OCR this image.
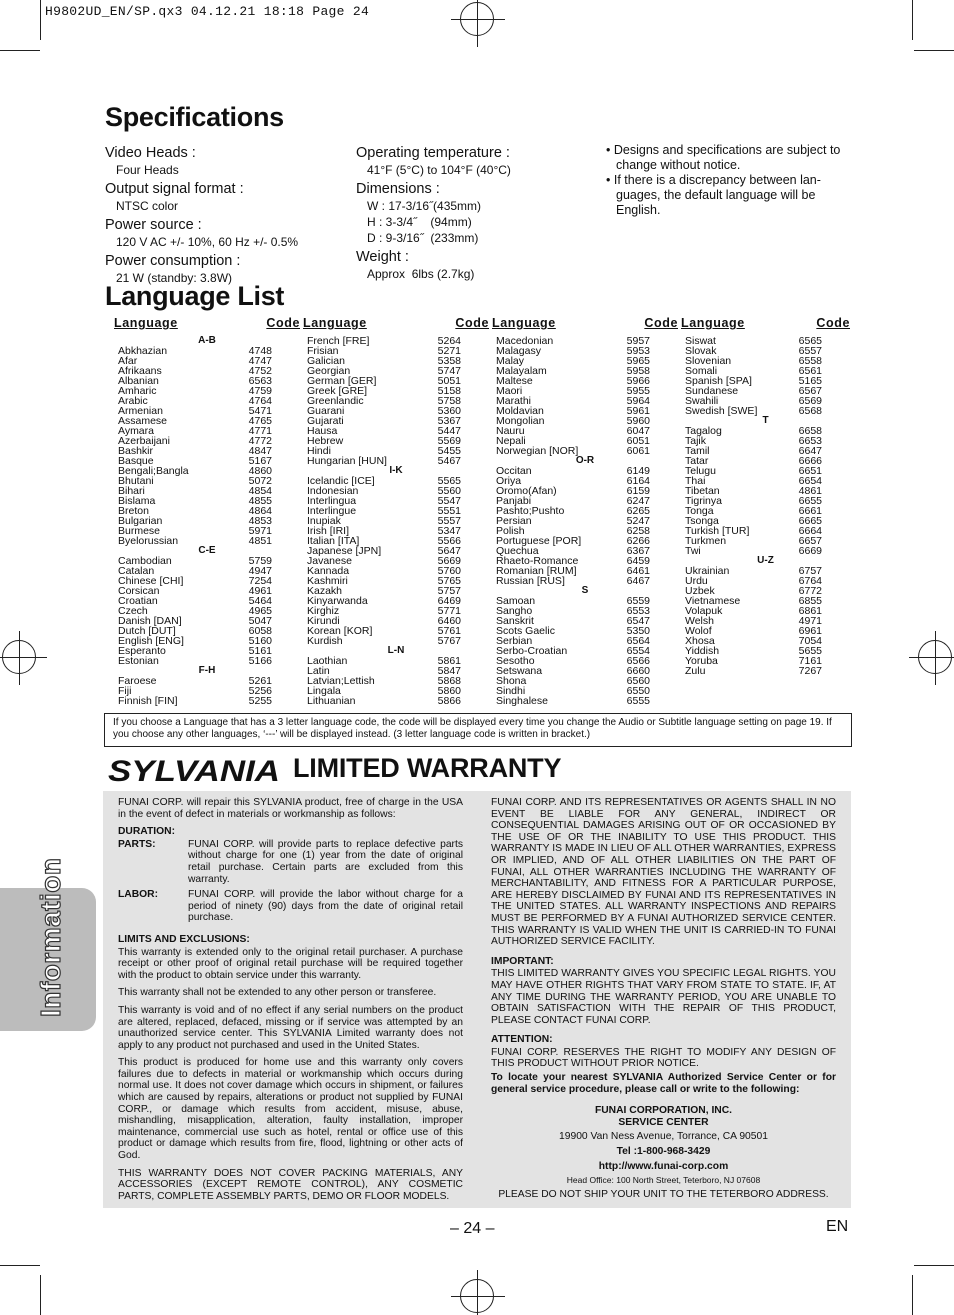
H9802UD_EN/SP.qx3 04.12.21 18:18 Page 24
Specifications
Video Heads :
Four Heads
Output signal format :
NTSC color
Power source :
120 V AC +/- 10%, 60 Hz +/- 0.5%
Power consumption :
21 W (standby: 3.8W)
Operating temperature :
41°F (5°C) to 104°F (40°C)
Dimensions :
W : 17-3/16˝(435mm)
H : 3-3/4˝    (94mm)
D : 9-3/16˝  (233mm)
Weight :
Approx  6lbs (2.7kg)
• Designs and specifications are subject to change without notice.
• If there is a discrepancy between lan-guages, the default language will be English.
Language List
Language	Code
A-B
Abkhazian	4748
Afar	4747
Afrikaans	4752
Albanian	6563
Amharic	4759
Arabic	4764
Armenian	5471
Assamese	4765
Aymara	4771
Azerbaijani	4772
Bashkir	4847
Basque	5167
Bengali;Bangla	4860
Bhutani	5072
Bihari	4854
Bislama	4855
Breton	4864
Bulgarian	4853
Burmese	5971
Byelorussian	4851
C-E
Cambodian	5759
Catalan	4947
Chinese [CHI]	7254
Corsican	4961
Croatian	5464
Czech	4965
Danish [DAN]	5047
Dutch [DUT]	6058
English [ENG]	5160
Esperanto	5161
Estonian	5166
F-H
Faroese	5261
Fiji	5256
Finnish [FIN]	5255
Language	Code
French [FRE]	5264
Frisian	5271
Galician	5358
Georgian	5747
German [GER]	5051
Greek [GRE]	5158
Greenlandic	5758
Guarani	5360
Gujarati	5367
Hausa	5447
Hebrew	5569
Hindi	5455
Hungarian [HUN]	5467
I-K
Icelandic [ICE]	5565
Indonesian	5560
Interlingua	5547
Interlingue	5551
Inupiak	5557
Irish [IRI]	5347
Italian [ITA]	5566
Japanese [JPN]	5647
Javanese	5669
Kannada	5760
Kashmiri	5765
Kazakh	5757
Kinyarwanda	6469
Kirghiz	5771
Kirundi	6460
Korean [KOR]	5761
Kurdish	5767
L-N
Laothian	5861
Latin	5847
Latvian;Lettish	5868
Lingala	5860
Lithuanian	5866
Language	Code
Macedonian	5957
Malagasy	5953
Malay	5965
Malayalam	5958
Maltese	5966
Maori	5955
Marathi	5964
Moldavian	5961
Mongolian	5960
Nauru	6047
Nepali	6051
Norwegian [NOR]	6061
O-R
Occitan	6149
Oriya	6164
Oromo(Afan)	6159
Panjabi	6247
Pashto;Pushto	6265
Persian	5247
Polish	6258
Portuguese [POR]	6266
Quechua	6367
Rhaeto-Romance	6459
Romanian [RUM]	6461
Russian [RUS]	6467
S
Samoan	6559
Sangho	6553
Sanskrit	6547
Scots Gaelic	5350
Serbian	6564
Serbo-Croatian	6554
Sesotho	6566
Setswana	6660
Shona	6560
Sindhi	6550
Singhalese	6555
Language	Code
Siswat	6565
Slovak	6557
Slovenian	6558
Somali	6561
Spanish [SPA]	5165
Sundanese	6567
Swahili	6569
Swedish [SWE]	6568
T
Tagalog	6658
Tajik	6653
Tamil	6647
Tatar	6666
Telugu	6651
Thai	6654
Tibetan	4861
Tigrinya	6655
Tonga	6661
Tsonga	6665
Turkish [TUR]	6664
Turkmen	6657
Twi	6669
U-Z
Ukrainian	6757
Urdu	6764
Uzbek	6772
Vietnamese	6855
Volapuk	6861
Welsh	4971
Wolof	6961
Xhosa	7054
Yiddish	5655
Yoruba	7161
Zulu	7267
If you choose a Language that has a 3 letter language code, the code will be displayed every time you change the Audio or Subtitle language setting on page 19. If you choose any other languages, ‘---’ will be displayed instead. (3 letter language code is written in bracket.)
SYLVANIA LIMITED WARRANTY

FUNAI CORP. will repair this SYLVANIA product, free of charge in the USA in the event of defect in materials or workmanship as follows:

DURATION:
PARTS:	FUNAI CORP. will provide parts to replace defective parts without charge for one (1) year from the date of original retail purchase. Certain parts are excluded from this warranty.
LABOR:	FUNAI CORP. will provide the labor without charge for a period of ninety (90) days from the date of original retail purchase.
LIMITS AND EXCLUSIONS:

This warranty is extended only to the original retail purchaser. A purchase receipt or other proof of original retail purchase will be required together with the product to obtain service under this warranty.

This warranty shall not be extended to any other person or transferee.

This warranty is void and of no effect if any serial numbers on the product are altered, replaced, defaced, missing or if service was attempted by an unauthorized service center. This SYLVANIA Limited warranty does not apply to any product not purchased and used in the United States.

This product is produced for home use and this warranty only covers failures due to defects in material or workmanship which occurs during normal use. It does not cover damage which occurs in shipment, or failures which are caused by repairs, alterations or product not supplied by FUNAI CORP., or damage which results from accident, misuse, abuse, mishandling, misapplication, alteration, faulty installation, improper maintenance, commercial use such as hotel, rental or office use of this product or damage which results from fire, flood, lightning or other acts of God.

THIS WARRANTY DOES NOT COVER PACKING MATERIALS, ANY ACCESSORIES (EXCEPT REMOTE CONTROL), ANY COSMETIC PARTS, COMPLETE ASSEMBLY PARTS, DEMO OR FLOOR MODELS.

FUNAI CORP. AND ITS REPRESENTATIVES OR AGENTS SHALL IN NO EVENT BE LIABLE FOR ANY GENERAL, INDIRECT OR CONSEQUENTIAL DAMAGES ARISING OUT OF OR OCCASIONED BY THE USE OF OR THE INABILITY TO USE THIS PRODUCT. THIS WARRANTY IS MADE IN LIEU OF ALL OTHER WARRANTIES, EXPRESS OR IMPLIED, AND OF ALL OTHER LIABILITIES ON THE PART OF FUNAI, ALL OTHER WARRANTIES INCLUDING THE WARRANTY OF MERCHANTABILITY, AND FITNESS FOR A PARTICULAR PURPOSE, ARE HEREBY DISCLAIMED BY FUNAI AND ITS REPRESENTATIVES IN THE UNITED STATES. ALL WARRANTY INSPECTIONS AND REPAIRS MUST BE PERFORMED BY A FUNAI AUTHORIZED SERVICE CENTER. THIS WARRANTY IS VALID WHEN THE UNIT IS CARRIED-IN TO FUNAI AUTHORIZED SERVICE FACILITY.

IMPORTANT:

THIS LIMITED WARRANTY GIVES YOU SPECIFIC LEGAL RIGHTS. YOU MAY HAVE OTHER RIGHTS THAT VARY FROM STATE TO STATE. IF, AT ANY TIME DURING THE WARRANTY PERIOD, YOU ARE UNABLE TO OBTAIN SATISFACTION WITH THE REPAIR OF THIS PRODUCT, PLEASE CONTACT FUNAI CORP.

ATTENTION:

FUNAI CORP. RESERVES THE RIGHT TO MODIFY ANY DESIGN OF THIS PRODUCT WITHOUT PRIOR NOTICE.

To locate your nearest SYLVANIA Authorized Service Center or for general service procedure, please call or write to the following:

FUNAI CORPORATION, INC.
SERVICE CENTER
19900 Van Ness Avenue, Torrance, CA 90501
Tel :1-800-968-3429
http://www.funai-corp.com
Head Office: 100 North Street, Teterboro, NJ 07608
PLEASE DO NOT SHIP YOUR UNIT TO THE TETERBORO ADDRESS.
Information
– 24 –	EN
